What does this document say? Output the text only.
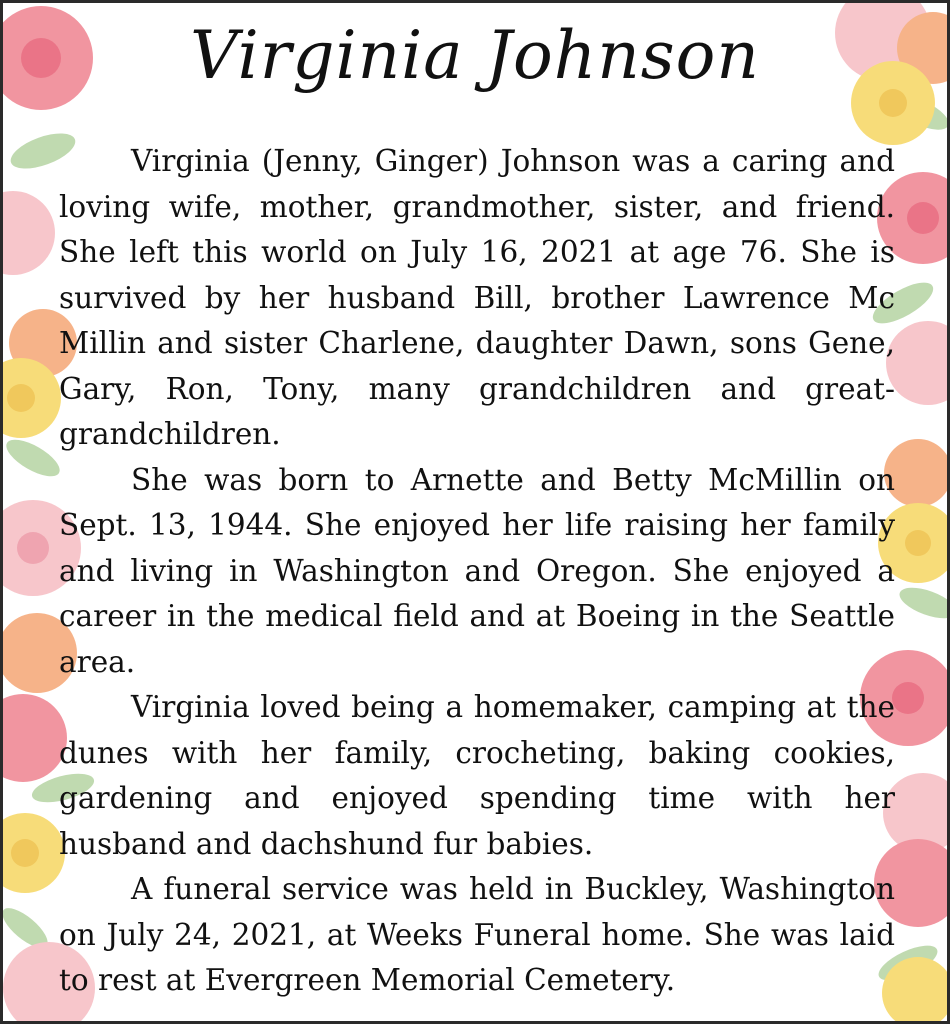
Virginia Johnson

Virginia (Jenny, Ginger) Johnson was a caring and loving wife, mother, grandmother, sister, and friend. She left this world on July 16, 2021 at age 76. She is survived by her husband Bill, brother Lawrence Mc Millin and sister Charlene, daughter Dawn, sons Gene, Gary, Ron, Tony, many grandchildren and great-grandchildren.

She was born to Arnette and Betty McMillin on Sept. 13, 1944. She enjoyed her life raising her family and living in Washington and Oregon. She enjoyed a career in the medical field and at Boeing in the Seattle area.

Virginia loved being a homemaker, camping at the dunes with her family, crocheting, baking cookies, gardening and enjoyed spending time with her husband and dachshund fur babies.

A funeral service was held in Buckley, Washington on July 24, 2021, at Weeks Funeral home. She was laid to rest at Evergreen Memorial Cemetery.
